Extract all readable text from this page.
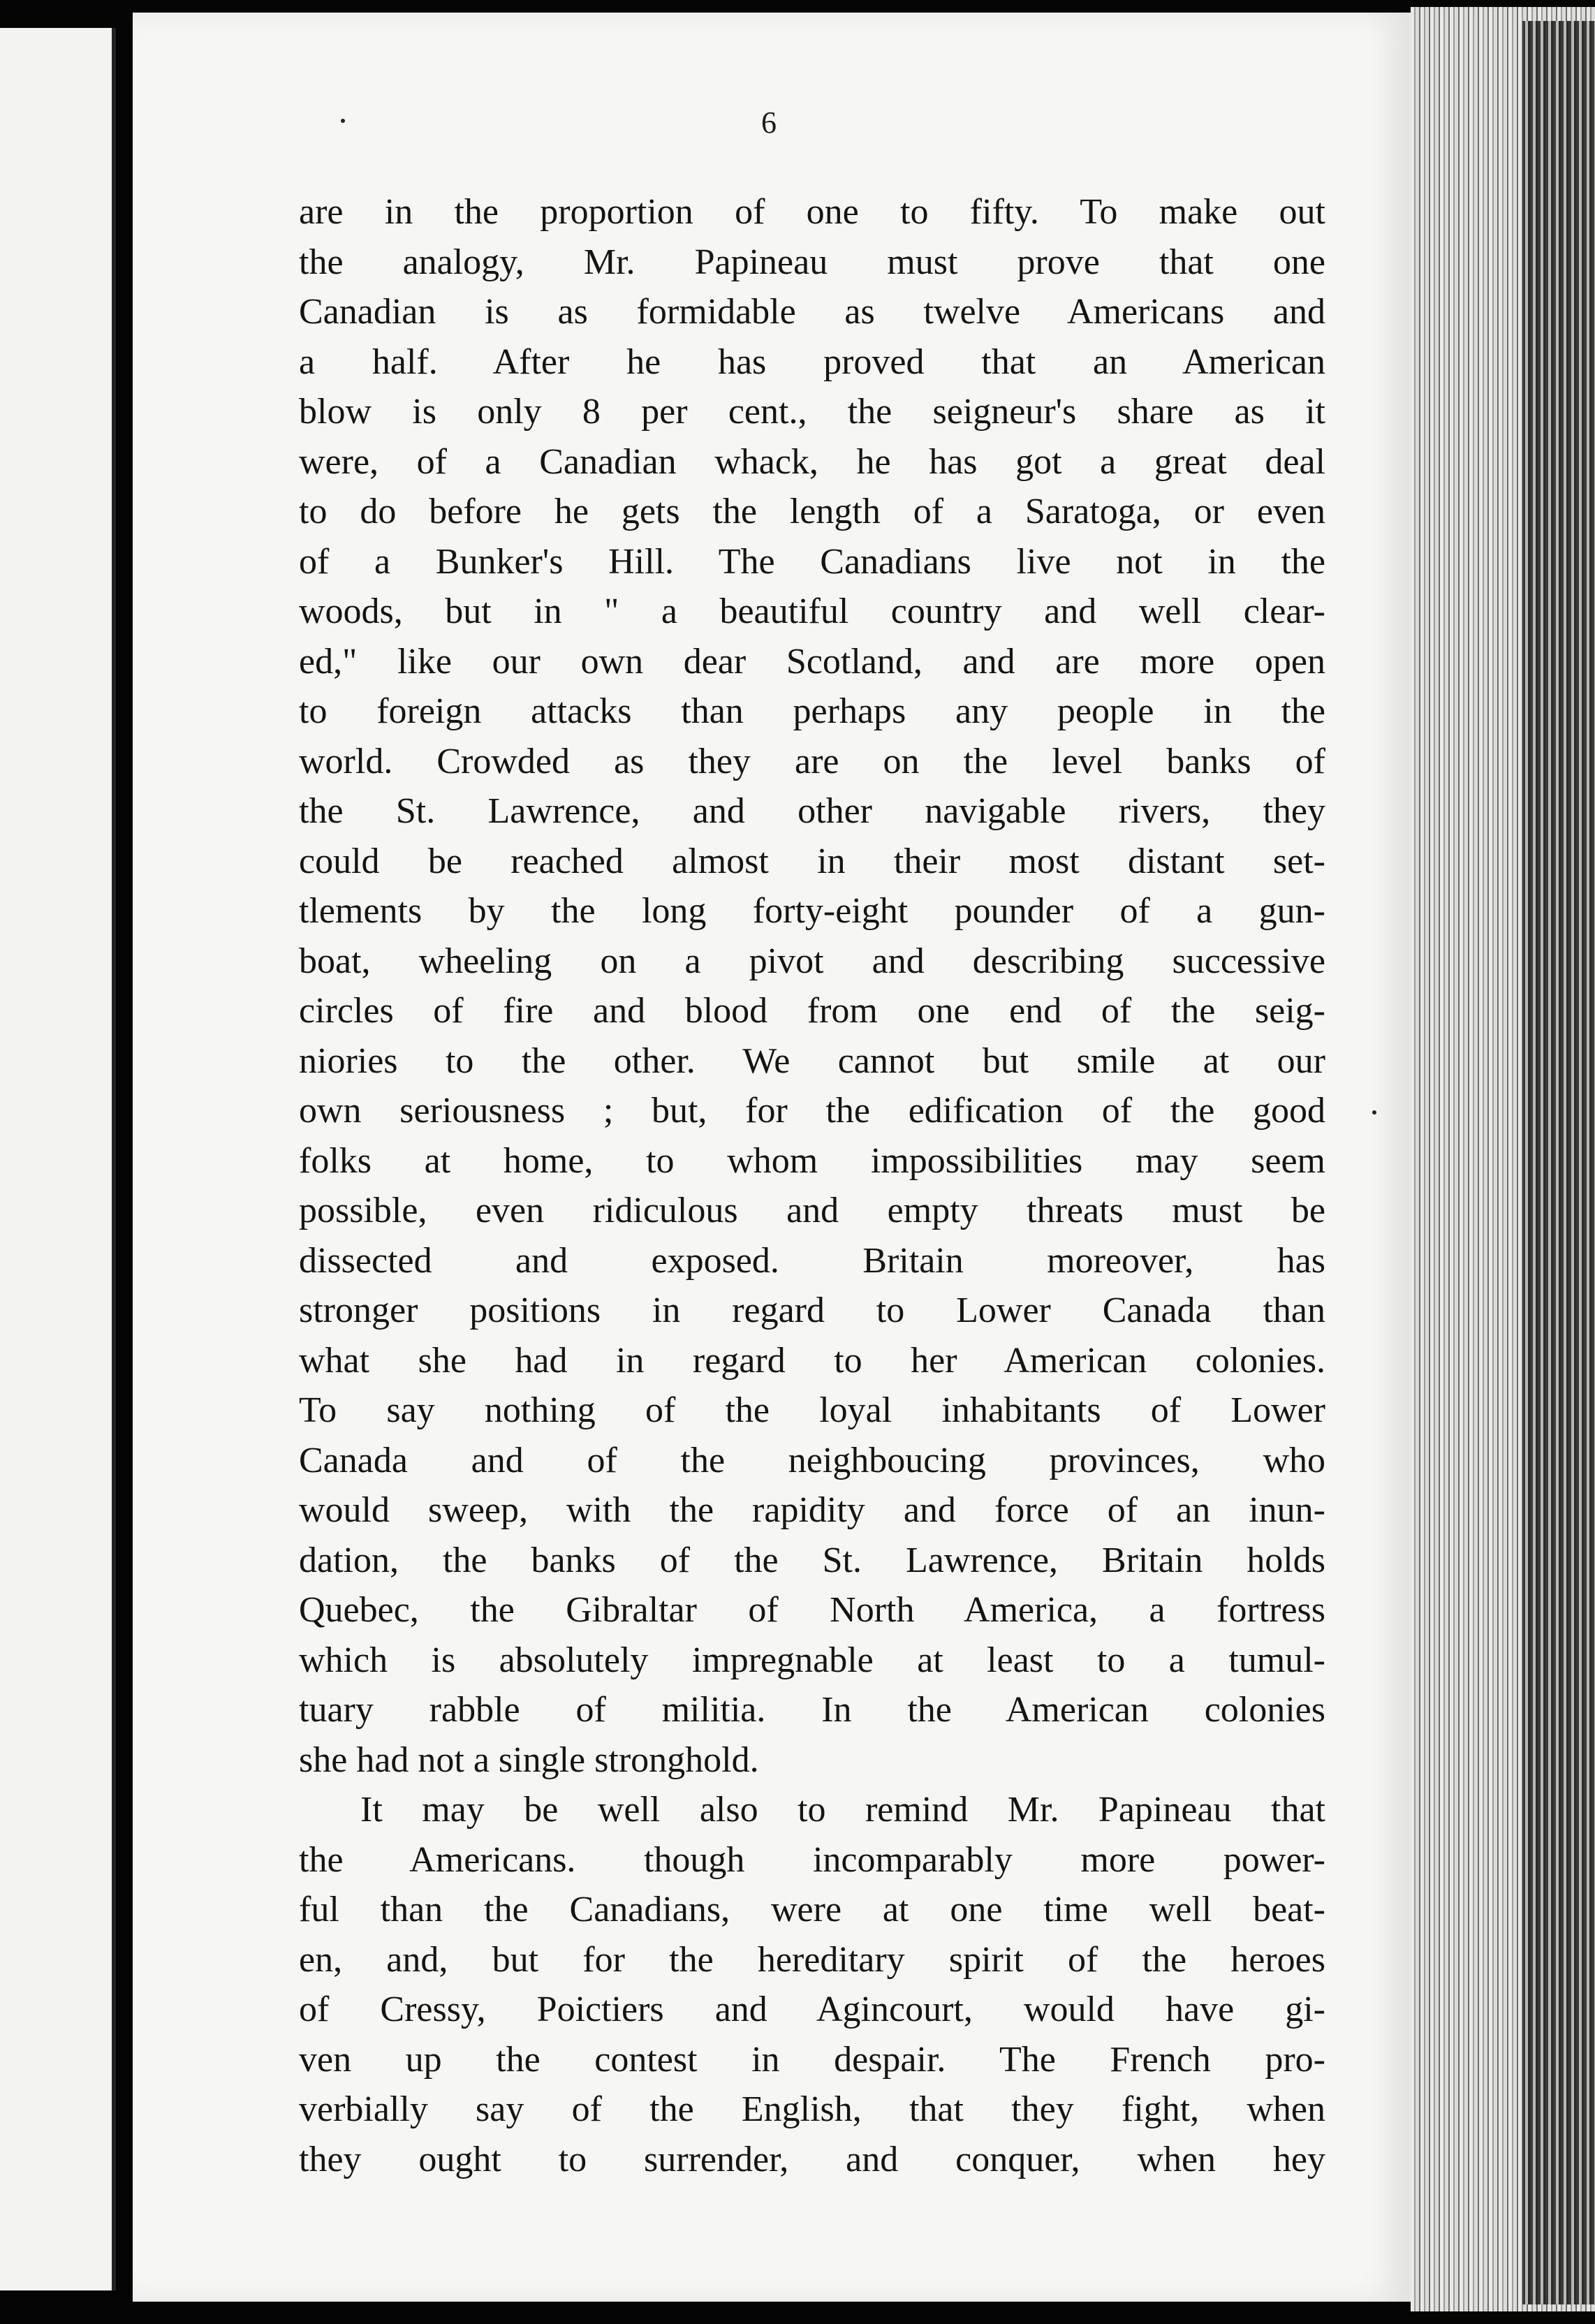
6
are in the proportion of one to fifty. To make out
the analogy, Mr. Papineau must prove that one
Canadian is as formidable as twelve Americans and
a half. After he has proved that an American
blow is only 8 per cent., the seigneur's share as it
were, of a Canadian whack, he has got a great deal
to do before he gets the length of a Saratoga, or even
of a Bunker's Hill. The Canadians live not in the
woods, but in " a beautiful country and well clear-
ed," like our own dear Scotland, and are more open
to foreign attacks than perhaps any people in the
world. Crowded as they are on the level banks of
the St. Lawrence, and other navigable rivers, they
could be reached almost in their most distant set-
tlements by the long forty-eight pounder of a gun-
boat, wheeling on a pivot and describing successive
circles of fire and blood from one end of the seig-
niories to the other. We cannot but smile at our
own seriousness ; but, for the edification of the good
folks at home, to whom impossibilities may seem
possible, even ridiculous and empty threats must be
dissected and exposed. Britain moreover, has
stronger positions in regard to Lower Canada than
what she had in regard to her American colonies.
To say nothing of the loyal inhabitants of Lower
Canada and of the neighboucing provinces, who
would sweep, with the rapidity and force of an inun-
dation, the banks of the St. Lawrence, Britain holds
Quebec, the Gibraltar of North America, a fortress
which is absolutely impregnable at least to a tumul-
tuary rabble of militia. In the American colonies
she had not a single stronghold.
It may be well also to remind Mr. Papineau that
the Americans. though incomparably more power-
ful than the Canadians, were at one time well beat-
en, and, but for the hereditary spirit of the heroes
of Cressy, Poictiers and Agincourt, would have gi-
ven up the contest in despair. The French pro-
verbially say of the English, that they fight, when
they ought to surrender, and conquer, when hey
